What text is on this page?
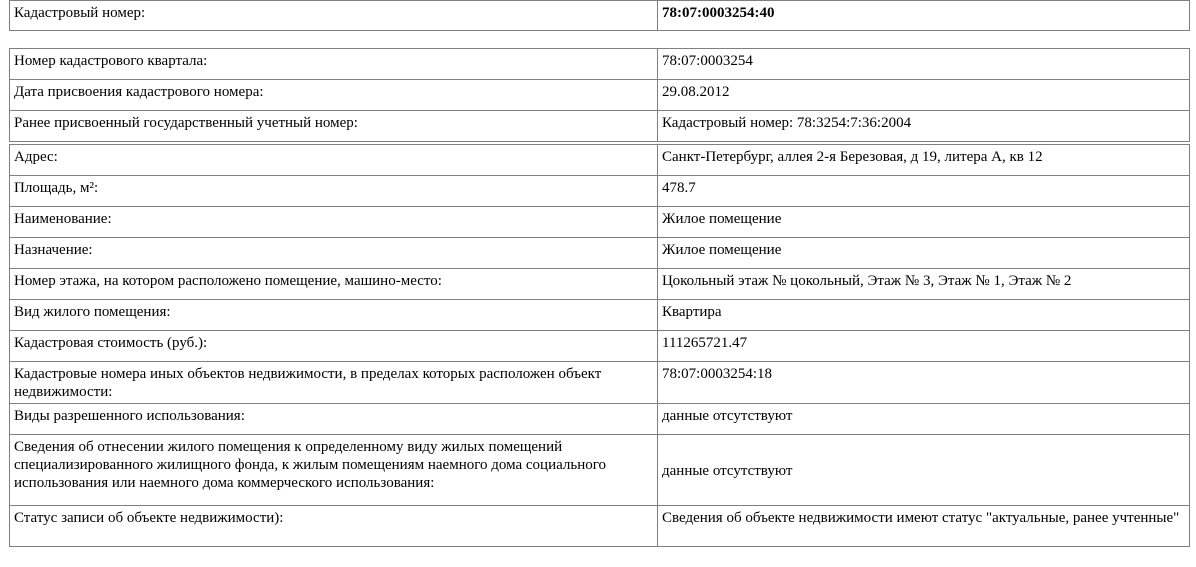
Кадастровый номер:	78:07:0003254:40
Номер кадастрового квартала:	78:07:0003254
Дата присвоения кадастрового номера:	29.08.2012
Ранее присвоенный государственный учетный номер:	Кадастровый номер: 78:3254:7:36:2004
Адрес:	Санкт-Петербург, аллея 2-я Березовая, д 19, литера А, кв 12
Площадь, м²:	478.7
Наименование:	Жилое помещение
Назначение:	Жилое помещение
Номер этажа, на котором расположено помещение, машино-место:	Цокольный этаж № цокольный, Этаж № 3, Этаж № 1, Этаж № 2
Вид жилого помещения:	Квартира
Кадастровая стоимость (руб.):	111265721.47
Кадастровые номера иных объектов недвижимости, в пределах которых расположен объект недвижимости:	78:07:0003254:18
Виды разрешенного использования:	данные отсутствуют
Сведения об отнесении жилого помещения к определенному виду жилых помещений специализированного жилищного фонда, к жилым помещениям наемного дома социального использования или наемного дома коммерческого использования:	данные отсутствуют
Статус записи об объекте недвижимости):	Сведения об объекте недвижимости имеют статус "актуальные, ранее учтенные"
